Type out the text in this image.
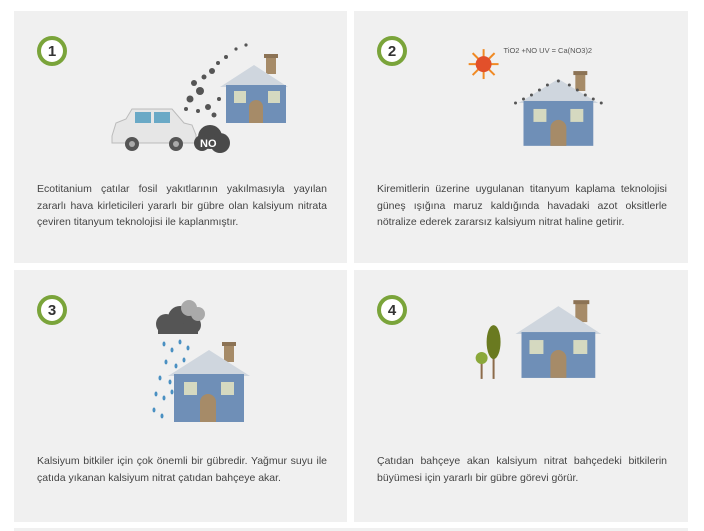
1
NO

Ecotitanium çatılar fosil yakıtlarının yakılmasıyla yayılan zararlı hava kirleticileri yararlı bir gübre olan kalsiyum nitrata çeviren titanyum teknolojisi ile kaplanmıştır.

2	TiO2 +NO UV = Ca(NO3)2

Kiremitlerin üzerine uygulanan titanyum kaplama teknolojisi güneş ışığına maruz kaldığında havadaki azot oksitlerle nötralize ederek zararsız kalsiyum nitrat haline getirir.

3

Kalsiyum bitkiler için çok önemli bir gübredir. Yağmur suyu ile çatıda yıkanan kalsiyum nitrat çatıdan bahçeye akar.

4

Çatıdan bahçeye akan kalsiyum nitrat bahçedeki bitkilerin büyümesi için yararlı bir gübre görevi görür.
